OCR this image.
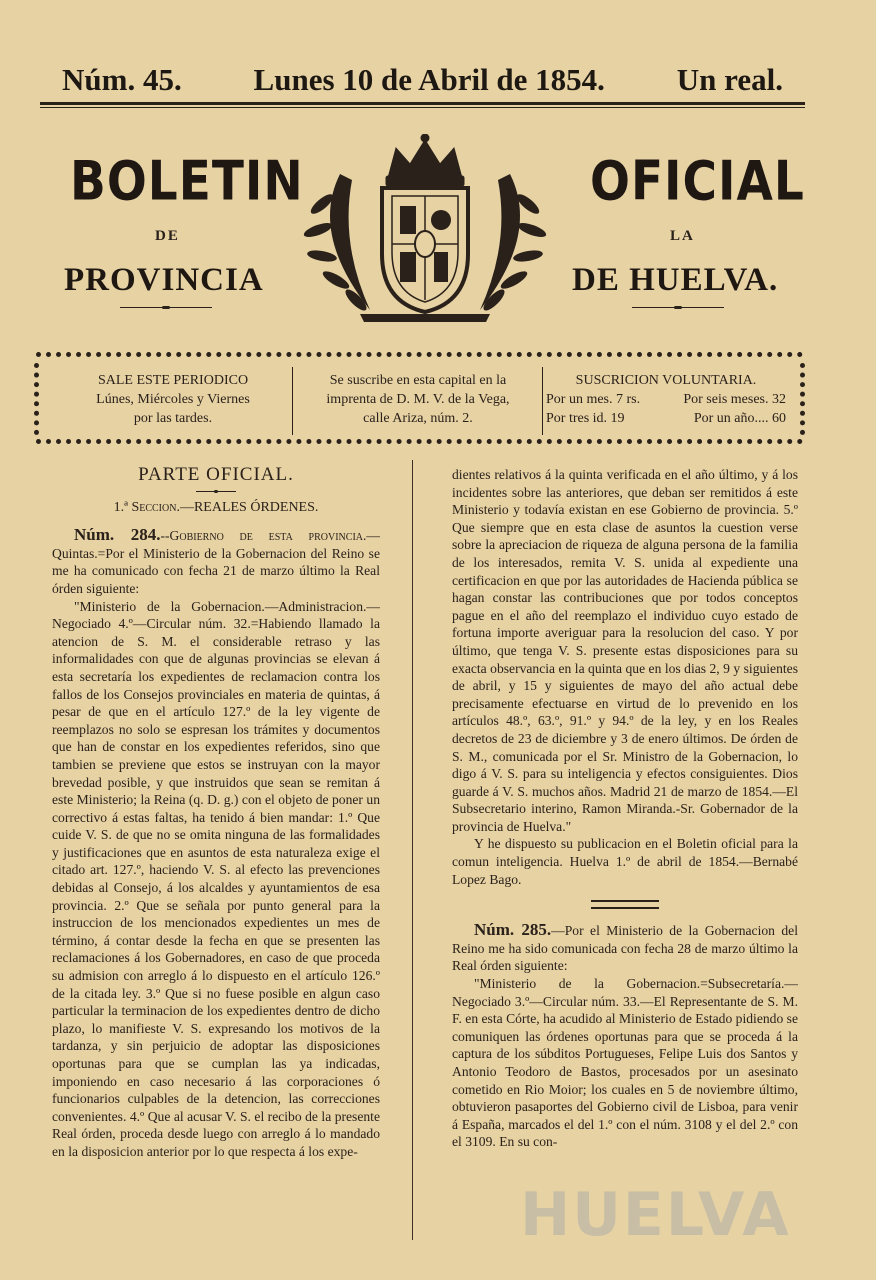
Núm. 45. Lunes 10 de Abril de 1854. Un real.
BOLETIN
DE
PROVINCIA
OFICIAL
LA
DE HUELVA.
SALE ESTE PERIODICO
Lúnes, Miércoles y Viernes
por las tardes.
Se suscribe en esta capital en la
imprenta de D. M. V. de la Vega,
calle Ariza, núm. 2.
SUSCRICION VOLUNTARIA.
Por un mes. 7 rs.	Por seis meses. 32
Por tres id. 19	Por un año.... 60
PARTE OFICIAL.

1.ª Seccion.—REALES ÓRDENES.

Núm. 284.--Gobierno de esta provincia.—Quintas.=Por el Ministerio de la Gobernacion del Reino se me ha comunicado con fecha 21 de marzo último la Real órden siguiente:

"Ministerio de la Gobernacion.—Administracion.—Negociado 4.º—Circular núm. 32.=Habiendo llamado la atencion de S. M. el considerable retraso y las informalidades con que de algunas provincias se elevan á esta secretaría los expedientes de reclamacion contra los fallos de los Consejos provinciales en materia de quintas, á pesar de que en el artículo 127.º de la ley vigente de reemplazos no solo se espresan los trámites y documentos que han de constar en los expedientes referidos, sino que tambien se previene que estos se instruyan con la mayor brevedad posible, y que instruidos que sean se remitan á este Ministerio; la Reina (q. D. g.) con el objeto de poner un correctivo á estas faltas, ha tenido á bien mandar: 1.º Que cuide V. S. de que no se omita ninguna de las formalidades y justificaciones que en asuntos de esta naturaleza exige el citado art. 127.º, haciendo V. S. al efecto las prevenciones debidas al Consejo, á los alcaldes y ayuntamientos de esa provincia. 2.º Que se señala por punto general para la instruccion de los mencionados expedientes un mes de término, á contar desde la fecha en que se presenten las reclamaciones á los Gobernadores, en caso de que proceda su admision con arreglo á lo dispuesto en el artículo 126.º de la citada ley. 3.º Que si no fuese posible en algun caso particular la terminacion de los expedientes dentro de dicho plazo, lo manifieste V. S. expresando los motivos de la tardanza, y sin perjuicio de adoptar las disposiciones oportunas para que se cumplan las ya indicadas, imponiendo en caso necesario á las corporaciones ó funcionarios culpables de la detencion, las correcciones convenientes. 4.º Que al acusar V. S. el recibo de la presente Real órden, proceda desde luego con arreglo á lo mandado en la disposicion anterior por lo que respecta á los expe-

dientes relativos á la quinta verificada en el año último, y á los incidentes sobre las anteriores, que deban ser remitidos á este Ministerio y todavía existan en ese Gobierno de provincia. 5.º Que siempre que en esta clase de asuntos la cuestion verse sobre la apreciacion de riqueza de alguna persona de la familia de los interesados, remita V. S. unida al expediente una certificacion en que por las autoridades de Hacienda pública se hagan constar las contribuciones que por todos conceptos pague en el año del reemplazo el individuo cuyo estado de fortuna importe averiguar para la resolucion del caso. Y por último, que tenga V. S. presente estas disposiciones para su exacta observancia en la quinta que en los dias 2, 9 y siguientes de abril, y 15 y siguientes de mayo del año actual debe precisamente efectuarse en virtud de lo prevenido en los artículos 48.º, 63.º, 91.º y 94.º de la ley, y en los Reales decretos de 23 de diciembre y 3 de enero últimos. De órden de S. M., comunicada por el Sr. Ministro de la Gobernacion, lo digo á V. S. para su inteligencia y efectos consiguientes. Dios guarde á V. S. muchos años. Madrid 21 de marzo de 1854.—El Subsecretario interino, Ramon Miranda.-Sr. Gobernador de la provincia de Huelva."

Y he dispuesto su publicacion en el Boletin oficial para la comun inteligencia. Huelva 1.º de abril de 1854.—Bernabé Lopez Bago.

Núm. 285.—Por el Ministerio de la Gobernacion del Reino me ha sido comunicada con fecha 28 de marzo último la Real órden siguiente:

"Ministerio de la Gobernacion.=Subsecretaría.—Negociado 3.º—Circular núm. 33.—El Representante de S. M. F. en esta Córte, ha acudido al Ministerio de Estado pidiendo se comuniquen las órdenes oportunas para que se proceda á la captura de los súbditos Portugueses, Felipe Luis dos Santos y Antonio Teodoro de Bastos, procesados por un asesinato cometido en Rio Moior; los cuales en 5 de noviembre último, obtuvieron pasaportes del Gobierno civil de Lisboa, para venir á España, marcados el del 1.º con el núm. 3108 y el del 2.º con el 3109. En su con-

HUELVA
